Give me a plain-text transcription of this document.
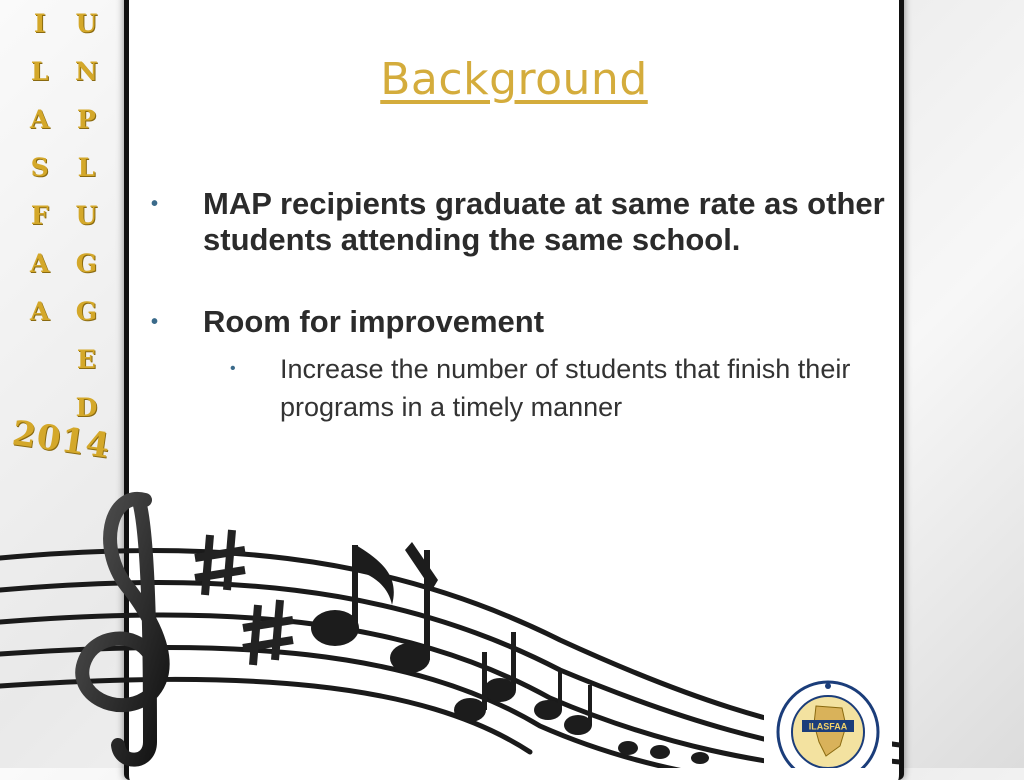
I
L
A
S
F
A
A
U
N
P
L
U
G
G
E
D
2014
Background
• MAP recipients graduate at same rate as other students attending the same school.
• Room for improvement
• Increase the number of students that finish their programs in a timely manner
ILASFAA
